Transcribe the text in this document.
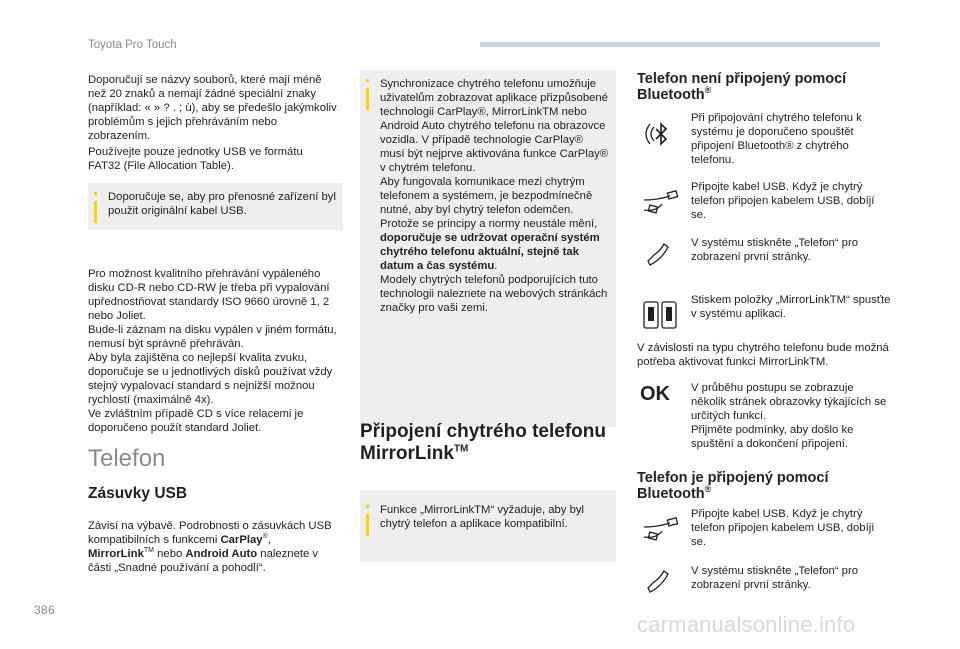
Toyota Pro Touch

Doporučují se názvy souborů, které mají méně než 20 znaků a nemají žádné speciální znaky (například: « » ? . ; ù), aby se předešlo jakýmkoliv problémům s jejich přehráváním nebo zobrazením.

Používejte pouze jednotky USB ve formátu FAT32 (File Allocation Table).

Doporučuje se, aby pro přenosné zařízení byl použit originální kabel USB.

Pro možnost kvalitního přehrávání vypáleného disku CD-R nebo CD-RW je třeba při vypalování upřednostňovat standardy ISO 9660 úrovně 1, 2 nebo Joliet.
Bude-li záznam na disku vypálen v jiném formátu, nemusí být správně přehráván.
Aby byla zajištěna co nejlepší kvalita zvuku, doporučuje se u jednotlivých disků používat vždy stejný vypalovací standard s nejnižší možnou rychlostí (maximálně 4x).
Ve zvláštním případě CD s více relacemi je doporučeno použít standard Joliet.

Telefon
Zásuvky USB
Závisí na výbavě. Podrobnosti o zásuvkách USB kompatibilních s funkcemi CarPlay®,
MirrorLink™ nebo Android Auto naleznete v části „Snadné používání a pohodlí“.
Synchronizace chytrého telefonu umožňuje uživatelům zobrazovat aplikace přizpůsobené technologii CarPlay®, MirrorLinkTM nebo Android Auto chytrého telefonu na obrazovce vozidla. V případě technologie CarPlay® musí být nejprve aktivována funkce CarPlay® v chytrém telefonu.
Aby fungovala komunikace mezi chytrým telefonem a systémem, je bezpodmínečně nutné, aby byl chytrý telefon odemčen.
Protože se principy a normy neustále mění, doporučuje se udržovat operační systém chytrého telefonu aktuální, stejně tak datum a čas systému.
Modely chytrých telefonů podporujících tuto technologii naleznete na webových stránkách značky pro vaši zemi.
Připojení chytrého telefonu MirrorLink™
Funkce „MirrorLinkTM“ vyžaduje, aby byl chytrý telefon a aplikace kompatibilní.
Telefon není připojený pomocí Bluetooth®
Při připojování chytrého telefonu k systému je doporučeno spouštět připojení Bluetooth® z chytrého telefonu.
Připojte kabel USB. Když je chytrý telefon připojen kabelem USB, dobíjí se.
V systému stiskněte „Telefon“ pro zobrazení první stránky.
Stiskem položky „MirrorLinkTM“ spusťte v systému aplikaci.
V závislosti na typu chytrého telefonu bude možná potřeba aktivovat funkci MirrorLinkTM.
OK V průběhu postupu se zobrazuje několik stránek obrazovky týkajících se určitých funkcí.
Přijměte podmínky, aby došlo ke spuštění a dokončení připojení.
Telefon je připojený pomocí Bluetooth®
Připojte kabel USB. Když je chytrý telefon připojen kabelem USB, dobíjí se.
V systému stiskněte „Telefon“ pro zobrazení první stránky.
386
carmanualsonline.info
